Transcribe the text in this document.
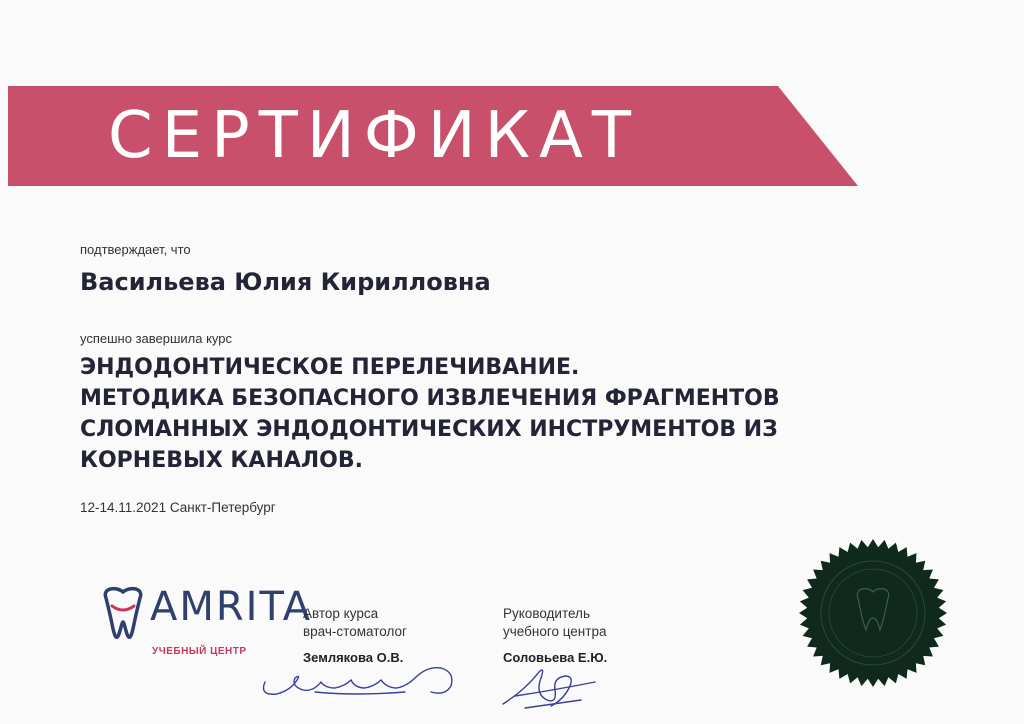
СЕРТИФИКАТ
подтверждает, что
Васильева Юлия Кирилловна
успешно завершила курс
ЭНДОДОНТИЧЕСКОЕ ПЕРЕЛЕЧИВАНИЕ.
МЕТОДИКА БЕЗОПАСНОГО ИЗВЛЕЧЕНИЯ ФРАГМЕНТОВ
СЛОМАННЫХ ЭНДОДОНТИЧЕСКИХ ИНСТРУМЕНТОВ ИЗ
КОРНЕВЫХ КАНАЛОВ.
12-14.11.2021 Санкт-Петербург
AMRITA
УЧЕБНЫЙ ЦЕНТР
Автор курса
врач-стоматолог
Землякова О.В.
Руководитель
учебного центра
Соловьева Е.Ю.
